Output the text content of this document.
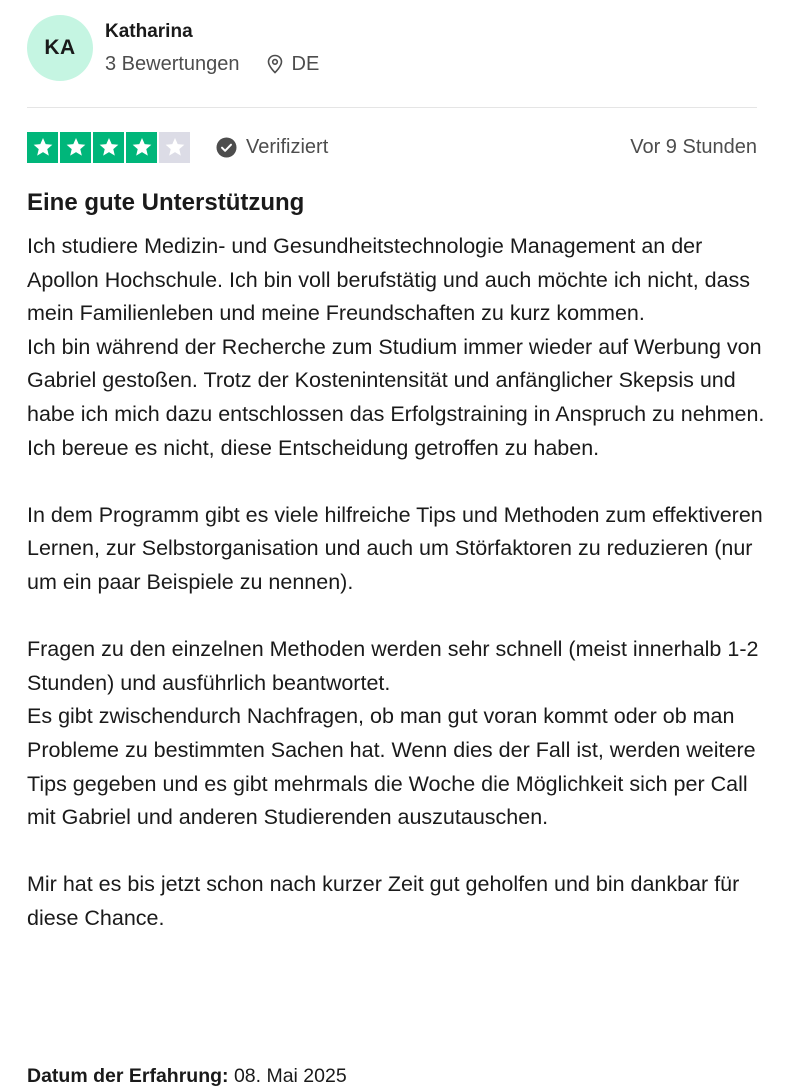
KA
Katharina
3 Bewertungen	DE
Verifiziert	Vor 9 Stunden
Eine gute Unterstützung

Ich studiere Medizin- und Gesundheitstechnologie Management an der Apollon Hochschule. Ich bin voll berufstätig und auch möchte ich nicht, dass mein Familienleben und meine Freundschaften zu kurz kommen.
Ich bin während der Recherche zum Studium immer wieder auf Werbung von Gabriel gestoßen. Trotz der Kostenintensität und anfänglicher Skepsis und habe ich mich dazu entschlossen das Erfolgstraining in Anspruch zu nehmen. Ich bereue es nicht, diese Entscheidung getroffen zu haben.

In dem Programm gibt es viele hilfreiche Tips und Methoden zum effektiveren Lernen, zur Selbstorganisation und auch um Störfaktoren zu reduzieren (nur um ein paar Beispiele zu nennen).

Fragen zu den einzelnen Methoden werden sehr schnell (meist innerhalb 1-2 Stunden) und ausführlich beantwortet.
Es gibt zwischendurch Nachfragen, ob man gut voran kommt oder ob man Probleme zu bestimmten Sachen hat. Wenn dies der Fall ist, werden weitere Tips gegeben und es gibt mehrmals die Woche die Möglichkeit sich per Call mit Gabriel und anderen Studierenden auszutauschen.

Mir hat es bis jetzt schon nach kurzer Zeit gut geholfen und bin dankbar für diese Chance.

Datum der Erfahrung: 08. Mai 2025
